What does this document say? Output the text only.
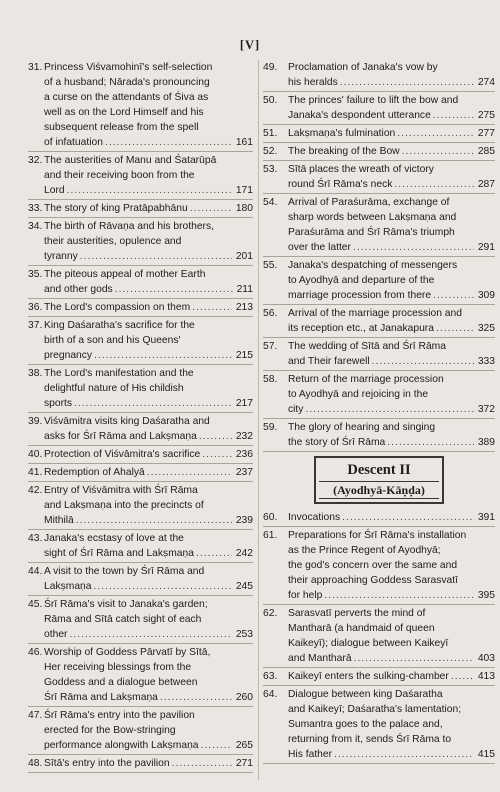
[V]
31. Princess Viśvamohinī's self-selection
of a husband; Nārada's pronouncing
a curse on the attendants of Śiva as
well as on the Lord Himself and his
subsequent release from the spell
of infatuation .....	161
32. The austerities of Manu and Śatarūpā
and their receiving boon from the
Lord .....	171
33. The story of king Pratāpabhānu .....	180
34. The birth of Rāvaṇa and his brothers,
their austerities, opulence and
tyranny .....	201
35. The piteous appeal of mother Earth
and other gods .....	211
36. The Lord's compassion on them .....	213
37. King Daśaratha's sacrifice for the
birth of a son and his Queens'
pregnancy .....	215
38. The Lord's manifestation and the
delightful nature of His childish
sports .....	217
39. Viśvāmitra visits king Daśaratha and
asks for Śrī Rāma and Lakṣmaṇa .....	232
40. Protection of Viśvāmitra's sacrifice .....	236
41. Redemption of Ahalyā .....	237
42. Entry of Viśvāmitra with Śrī Rāma
and Lakṣmaṇa into the precincts of
Mithilā .....	239
43. Janaka's ecstasy of love at the
sight of Śrī Rāma and Lakṣmaṇa .....	242
44. A visit to the town by Śrī Rāma and
Lakṣmaṇa .....	245
45. Śrī Rāma's visit to Janaka's garden;
Rāma and Sītā catch sight of each
other .....	253
46. Worship of Goddess Pārvatī by Sītā,
Her receiving blessings from the
Goddess and a dialogue between
Śrī Rāma and Lakṣmaṇa .....	260
47. Śrī Rāma's entry into the pavilion
erected for the Bow-stringing
performance alongwith Lakṣmaṇa .....	265
48. Sītā's entry into the pavilion .....	271
49. Proclamation of Janaka's vow by
his heralds .....	274
50. The princes' failure to lift the bow and
Janaka's despondent utterance .....	275
51. Lakṣmaṇa's fulmination .....	277
52. The breaking of the Bow .....	285
53. Sītā places the wreath of victory
round Śrī Rāma's neck .....	287
54. Arrival of Paraśurāma, exchange of
sharp words between Lakṣmaṇa and
Paraśurāma and Śrī Rāma's triumph
over the latter .....	291
55. Janaka's despatching of messengers
to Ayodhyā and departure of the
marriage procession from there .....	309
56. Arrival of the marriage procession and
its reception etc., at Janakapura .....	325
57. The wedding of Sītā and Śrī Rāma
and Their farewell .....	333
58. Return of the marriage procession
to Ayodhyā and rejoicing in the
city .....	372
59. The glory of hearing and singing
the story of Śrī Rāma .....	389
Descent II
(Ayodhyā-Kāṇḍa)
60. Invocations .....	391
61. Preparations for Śrī Rāma's installation
as the Prince Regent of Ayodhyā;
the god's concern over the same and
their approaching Goddess Sarasvatī
for help .....	395
62. Sarasvatī perverts the mind of
Mantharā (a handmaid of queen
Kaikeyī); dialogue between Kaikeyī
and Mantharā .....	403
63. Kaikeyī enters the sulking-chamber .....	413
64. Dialogue between king Daśaratha
and Kaikeyī; Daśaratha's lamentation;
Sumantra goes to the palace and,
returning from it, sends Śrī Rāma to
His father .....	415
